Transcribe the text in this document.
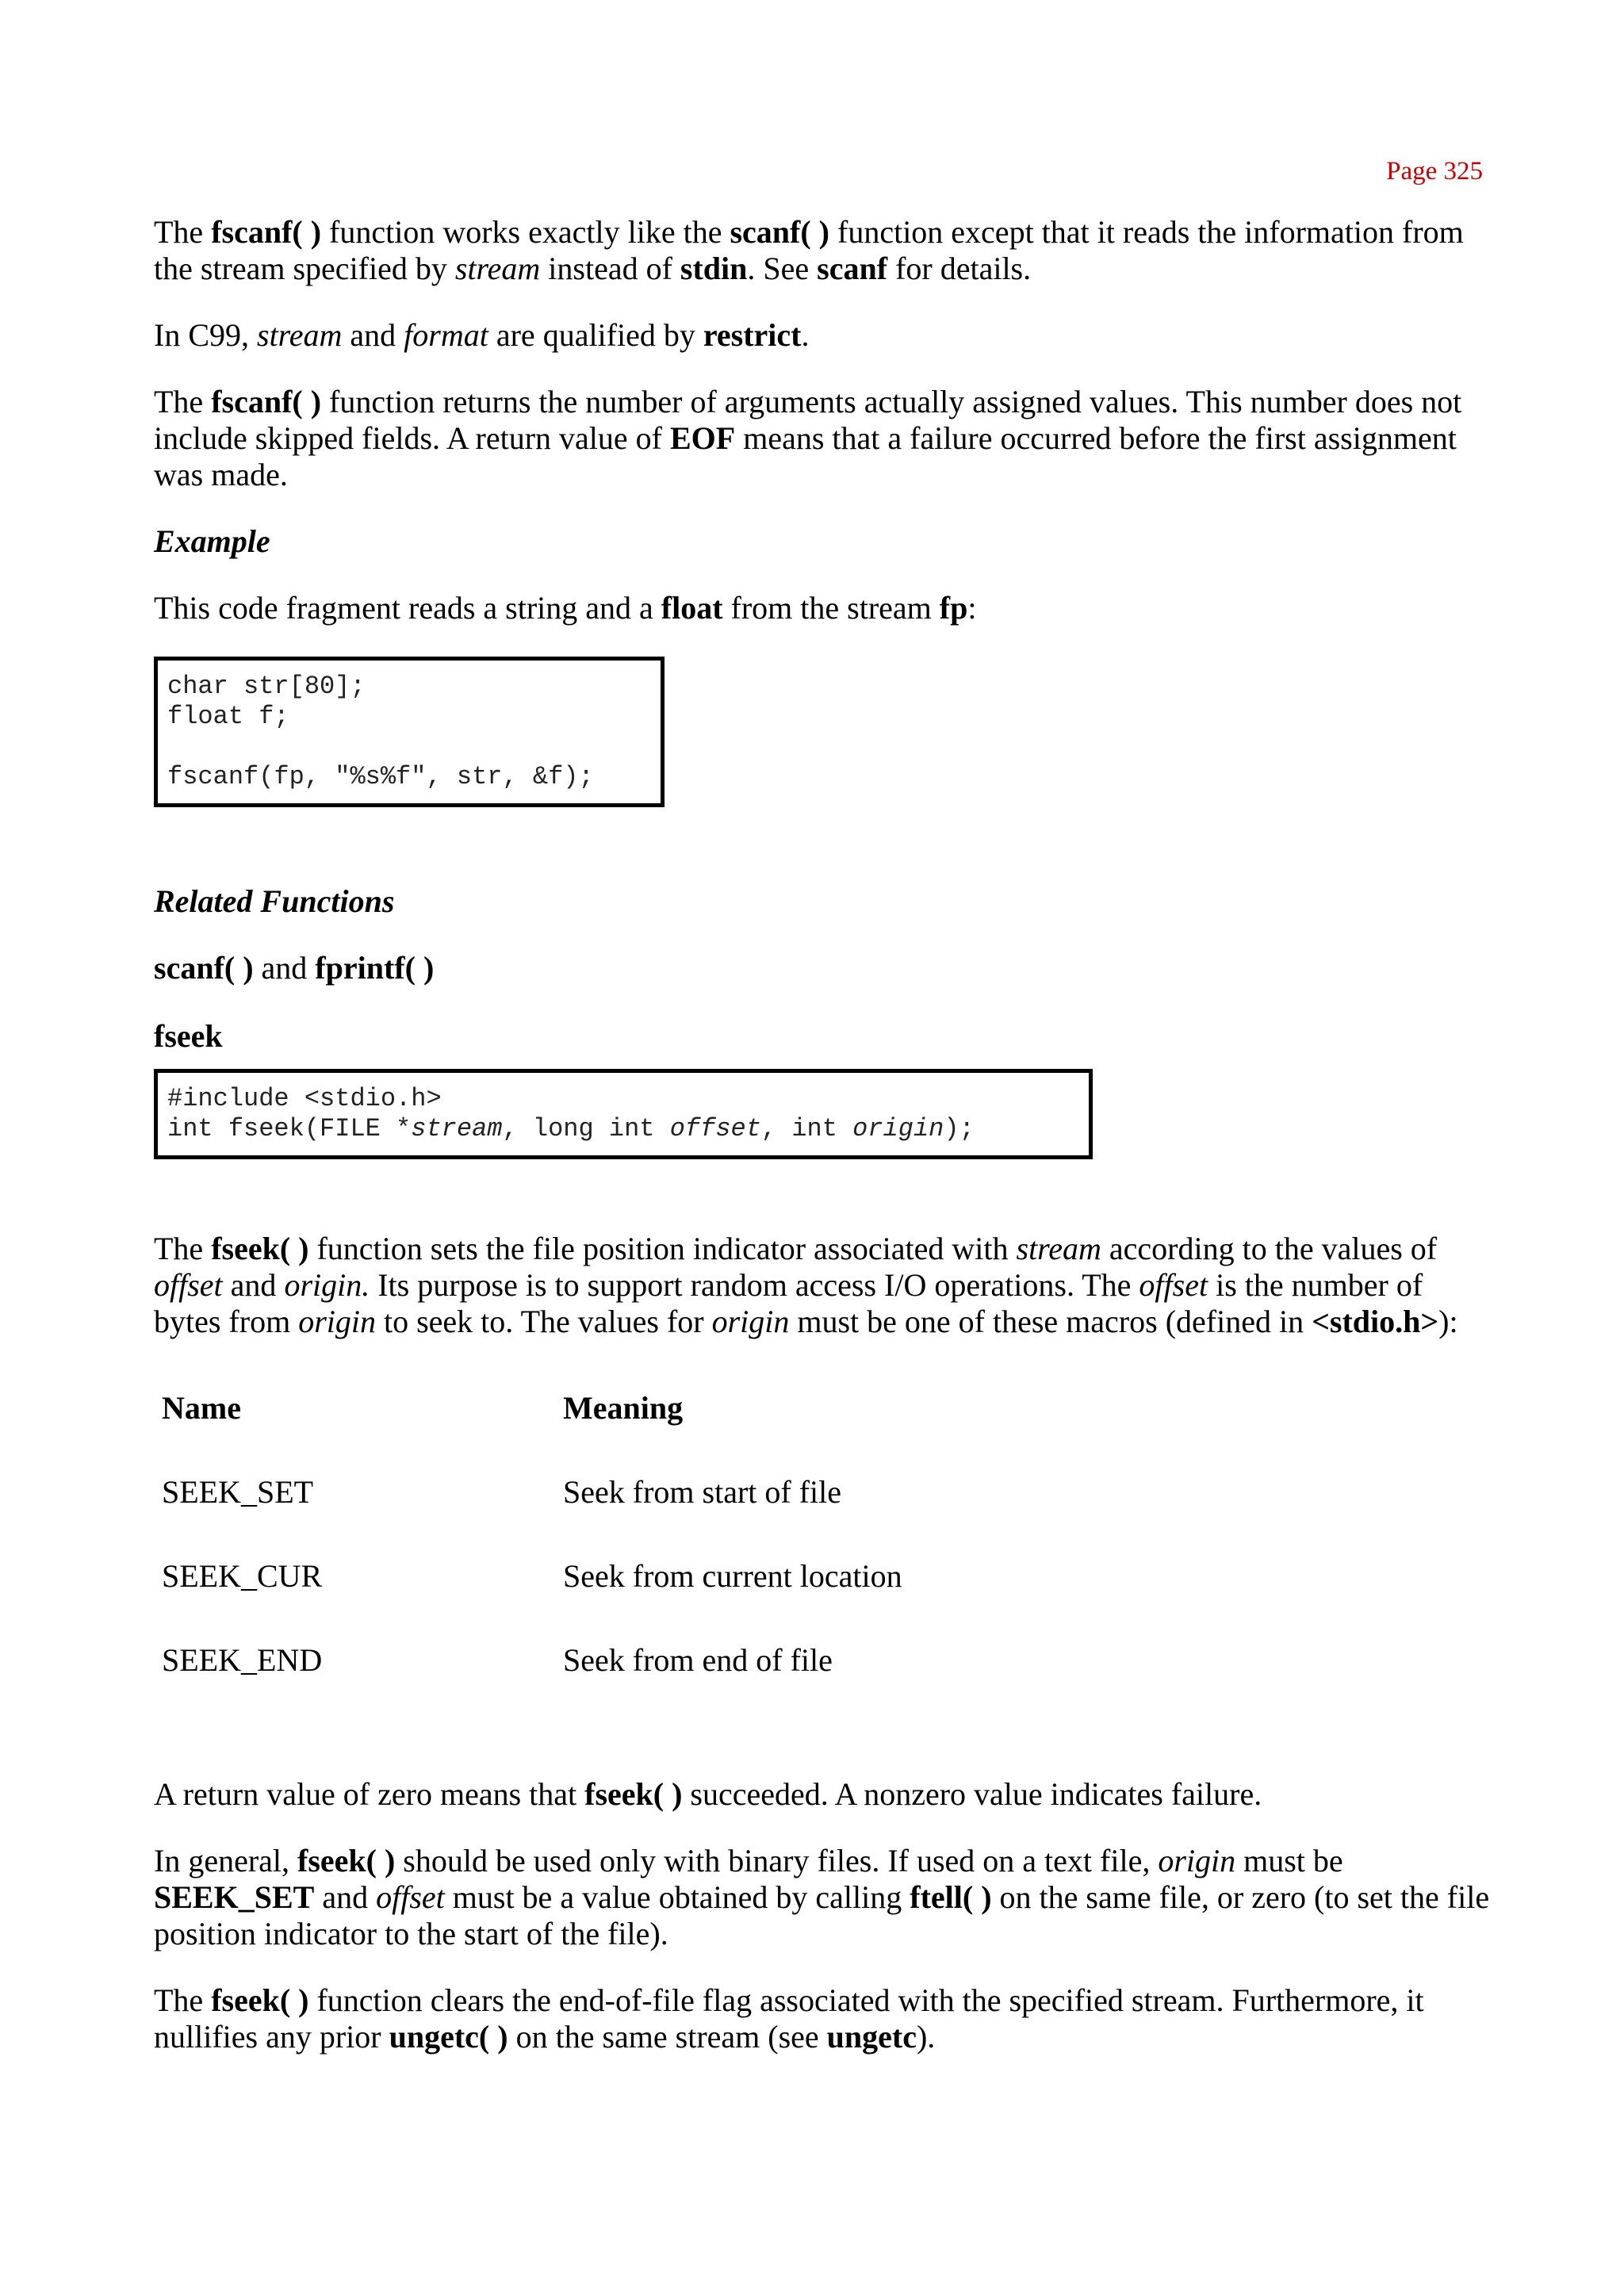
Page 325

The fscanf( ) function works exactly like the scanf( ) function except that it reads the information from the stream specified by stream instead of stdin. See scanf for details.

In C99, stream and format are qualified by restrict.

The fscanf( ) function returns the number of arguments actually assigned values. This number does not include skipped fields. A return value of EOF means that a failure occurred before the first assignment was made.

Example

This code fragment reads a string and a float from the stream fp:

char str[80];
float f;

fscanf(fp, "%s%f", str, &f);
Related Functions

scanf( ) and fprintf( )

fseek
#include <stdio.h>
int fseek(FILE *stream, long int offset, int origin);

The fseek( ) function sets the file position indicator associated with stream according to the values of offset and origin. Its purpose is to support random access I/O operations. The offset is the number of bytes from origin to seek to. The values for origin must be one of these macros (defined in <stdio.h>):

Name	Meaning
SEEK_SET	Seek from start of file
SEEK_CUR	Seek from current location
SEEK_END	Seek from end of file

A return value of zero means that fseek( ) succeeded. A nonzero value indicates failure.

In general, fseek( ) should be used only with binary files. If used on a text file, origin must be SEEK_SET and offset must be a value obtained by calling ftell( ) on the same file, or zero (to set the file position indicator to the start of the file).

The fseek( ) function clears the end-of-file flag associated with the specified stream. Furthermore, it nullifies any prior ungetc( ) on the same stream (see ungetc).
